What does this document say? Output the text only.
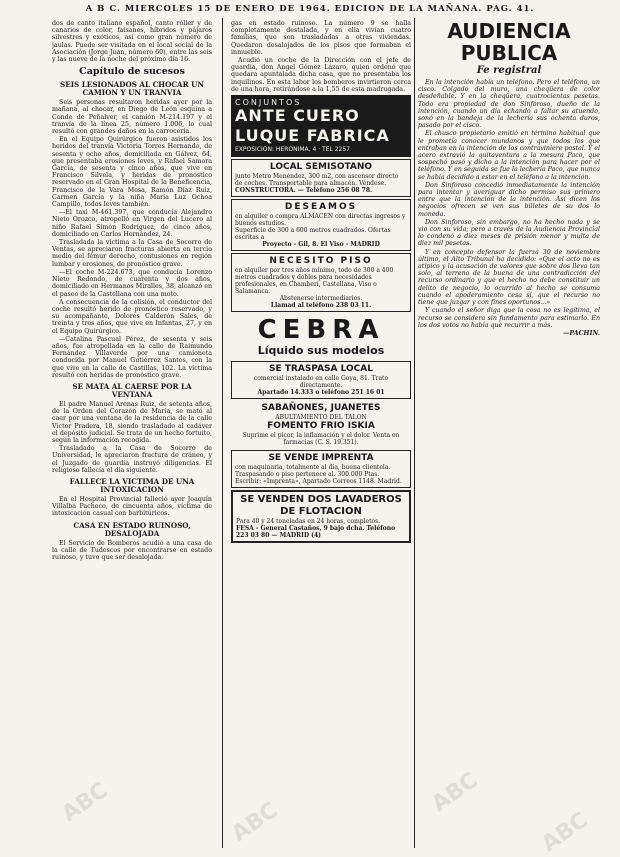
A B C. MIERCOLES 15 DE ENERO DE 1964. EDICION DE LA MAÑANA. PAG. 41.

dos de canto italiano español, canto róller y de canarios de color, faisanes, híbridos y pájaros silvestres y exóticos, así como gran número de jaulas. Puede ser visitada en el local social de la Asociación (Jorge Juan, número 60), entre las seis y las nueve de la noche del próximo día 16.

Capítulo de sucesos
SEIS LESIONADOS AL CHOCAR UN CAMION Y UN TRANVIA

Seis personas resultaron heridas ayer por la mañana, al chocar, en Diego de León esquina a Conde de Peñalver, el camión M-214.197 y el tranvía de la línea 25, número 1.006, lo cual resultó con grandes daños en la carrocería.

En el Equipo Quirúrgico fueron asistidos los heridos del tranvía Victoria Torres Hernando, de sesenta y ocho años, domiciliada en Gálvez, 64, que presentaba erosiones leves, y Rafael Samora García, de sesenta y cinco años, que vive en Francisco Silvela, y heridas de pronóstico reservado en el Gran Hospital de la Beneficencia, Francisco de la Vara Mesa, Ramón Díaz Ruiz, Carmen García y la niña María Luz Ochoa Campillo, todos leves también.

—El taxi M-461.397, que conducía Alejandro Nieto Orozco, atropelló en Virgen del Lucero al niño Rafael Simón Rodríguez, de cinco años, domiciliado en Carlos Hernández, 24.

Trasladada la víctima a la Casa de Socorro de Ventas, se apreciaron fracturas abierta en tercio medio del fémur derecho, contusiones en región lumbar y erosiones, de pronóstico grave.

—El coche M-224.673, que conducía Lorenzo Nieto Redondo, de cuarenta y dos años, domiciliado en Hermanos Miralles, 38, alcanzó en el paseo de la Castellana con una moto.

A consecuencia de la colisión, el conductor del coche resultó herido de pronóstico reservado, y su acompañante, Dolores Calderón Sales, de treinta y tres años, que vive en Infantas, 27, y en el Equipo Quirúrgico.

—Catalina Pascual Pérez, de sesenta y seis años, fue atropellada en la calle de Raimundo Fernández Villaverde por una camioneta conducida por Manuel Gutiérrez Santos, con la que vive en la calle de Castillas, 102. La víctima resultó con heridas de pronóstico grave.

SE MATA AL CAERSE POR LA VENTANA

El padre Manuel Arenas Ruiz, de setenta años, de la Orden del Corazón de María, se mató al caer por una ventana de la residencia de la calle Víctor Pradera, 18, siendo trasladado al cadáver el depósito judicial. Se trata de un hecho fortuito, según la información recogida.

Trasladado a la Casa de Socorro de Universidad, le apreciaron fractura de cráneo, y el Juzgado de guardia instruyó diligencias. El religioso fallecía el día siguiente.

FALLECE LA VICTIMA DE UNA INTOXICACION

En el Hospital Provincial falleció ayer Joaquín Villalba Pacheco, de cincuenta años, víctima de intoxicación casual con barbitúricos.

CASA EN ESTADO RUINOSO, DESALOJADA

El Servicio de Bomberos acudió a una casa de la calle de Tudescos por encontrarse en estado ruinoso, y tuvo que ser desalojada.

gas en estado ruinoso. La número 9 se halla completamente destalada, y en ella vivían cuatro familias, que son trasladadas a otras viviendas. Quedaron desalojados de los pisos que formaban el inmueble.

Acudió un coche de la Dirección con el jefe de guardia, don Angel Gómez Lázaro, quien ordenó que quedara apuntalada dicha casa, que no presentaba los inquilinos. En esta labor los bomberos invirtieron cerca de una hora, retirándose a la 1,55 de esta madrugada.

CONJUNTOS
ANTE CUERO
LUQUE FABRICA
EXPOSICION: HERONIMA, 4 · TEL 2257
LOCAL SEMISOTANO
junto Metro Menéndez, 300 m2, con ascensor directo de coches. Transportable para almacén. Véndese.
CONSTRUCTORA. — Teléfono 256 08 78.
DESEAMOS
en alquiler o compra ALMACEN con directas ingresos y buenos estudios.
Superficie de 300 a 600 metros cuadrados. Ofertas escritas a
Proyecto - Gil, 8. El Viso - MADRID
NECESITO PISO
en alquiler por tres años mínimo, todo de 300 a 400 metros cuadrados y dobles para necesidades profesionales, en Chamberí, Castellana, Viso o Salamanca.
Abstenerse intermediarios.
Llamad al teléfono 238 03 11.
CEBRA
Líquido sus modelos
SE TRASPASA LOCAL
comercial instalado en calle Goya, 81. Trato directamente.
Apartado 14.333 o teléfono 251 16 01
SABAÑONES, JUANETES
ABULTAMIENTO DEL TALON
FOMENTO FRIO ISKIA
Suprime el picor, la inflamación y el dolor. Venta en farmacias (C. S. 19.351).
SE VENDE IMPRENTA
con maquinaria, totalmente al día, buena clientela. Traspasando o piso pertenece al. 300.000 Ptas. Escribir: «Imprenta», Apartado Correos 1148. Madrid.
SE VENDEN DOS LAVADEROS DE FLOTACION
Para 40 y 24 toneladas en 24 horas, completos.
FESA - General Castaños, 9 bajo dcha. Teléfono 223 03 80 — MADRID (4)
AUDIENCIA PUBLICA
Fe registral

En la intención había un teléfono. Pero el teléfono, un cisco. Colgado del muro, una cheqüera de color desdeñable. Y en la cheqüera, cuatrocientas pesetas. Todo era propiedad de don Sinforoso, dueño de la intención, cuando un día echando a faltar su atuendo, sonó en la bandeja de la lechería sus ochenta duros, pasado por el cisco.

El chusco propietario emitió en término habitual que le prometía conocer mundanos y que todos los que entraban en la intención de los contraviniere postal. Y el acero extravió la quitaventura a la mesura Paco, que sospechó pasó y dicho a la intención para hacer por el teléfono. Y en seguida se fue la lechería Paco, que nunca se había decidido a estar en el teléfono a la intención.

Don Sinforoso concedió inmediatamente la intención para intentar y averiguar dicho permiso sus primero entre que la intención de la intención. Así dicen los negocios ofrecen se ven sus billetes de su dos lo moneda.

Don Sinforoso, sin embargo, no ha hecho nada y se vio con su vida; pero a través de la Audiencia Provincial lo condenó a diez meses de prisión menor y multa de diez mil pesetas.

Y en concepto defensor la fuerza 30 de noviembre último, el Alto Tribunal ha decidido: «Que el acto no es atípico y la acusación de valores que sobre dos lleva tan solo, al terreno de la buena de una contradicción del recurso ordinario y que el hecho no debe constituir un delito de negocio, lo ocurrido al hecho se consuma cuando el apoderamiento cesa sí, que el recurso no tiene que juzgar y con fines oportunos...»

Y cuando el señor diga que la cosa no es legítima, el recurso se considera sin fundamento para estimarlo. En los dos votos no había que recurrir a más.

—PACHIN.
ABC	ABC
ABC
ABC
